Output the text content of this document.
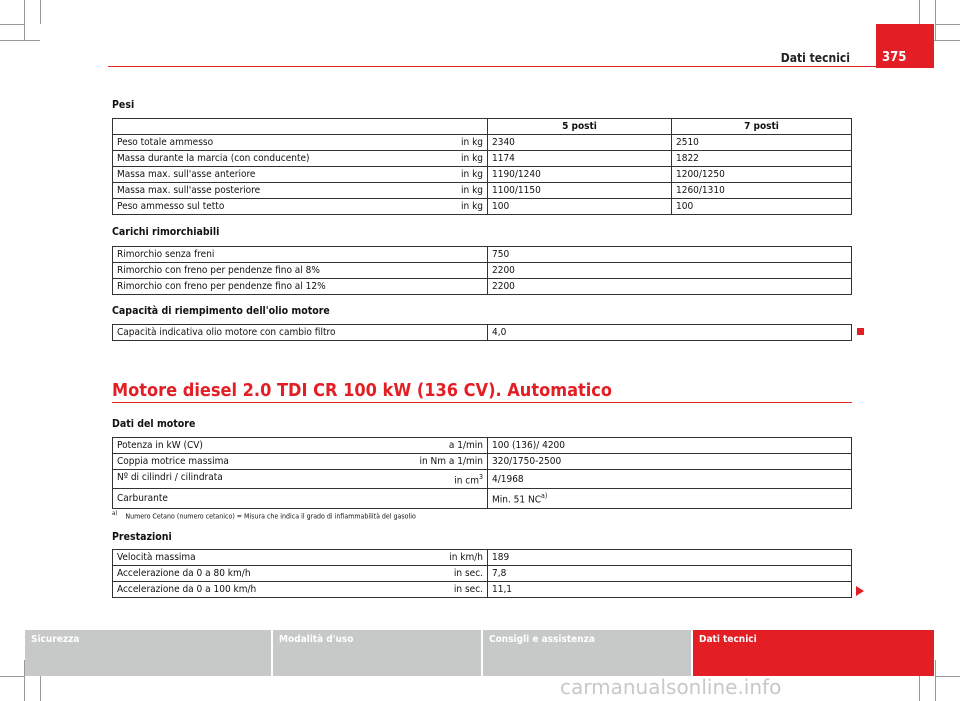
Dati tecnici	375
Pesi
	5 posti	7 posti

Peso totale ammesso in kg	2340	2510

Massa durante la marcia (con conducente) in kg	1174	1822

Massa max. sull'asse anteriore in kg	1190/1240	1200/1250

Massa max. sull'asse posteriore in kg	1100/1150	1260/1310

Peso ammesso sul tetto in kg	100	100
Carichi rimorchiabili
Rimorchio senza freni	750
Rimorchio con freno per pendenze fino al 8%	2200
Rimorchio con freno per pendenze fino al 12%	2200
Capacità di riempimento dell'olio motore
Capacità indicativa olio motore con cambio filtro	4,0
Motore diesel 2.0 TDI CR 100 kW (136 CV). Automatico
Dati del motore
Potenza in kW (CV) a 1/min	100 (136)/ 4200

Coppia motrice massima in Nm a 1/min	320/1750-2500

Nº di cilindri / cilindrata in $cm^3$	4/1968

Carburante	Min. 51 NC$^{a)}$
$^{a)}$ Numero Cetano (numero cetanico) = Misura che indica il grado di infiammabilità del gasolio
Prestazioni
Velocità massima in km/h	189

Accelerazione da 0 a 80 km/h in sec.	7,8

Accelerazione da 0 a 100 km/h in sec.	11,1
Sicurezza	Modalità d'uso	Consigli e assistenza	Dati tecnici
carmanualsonline.info
